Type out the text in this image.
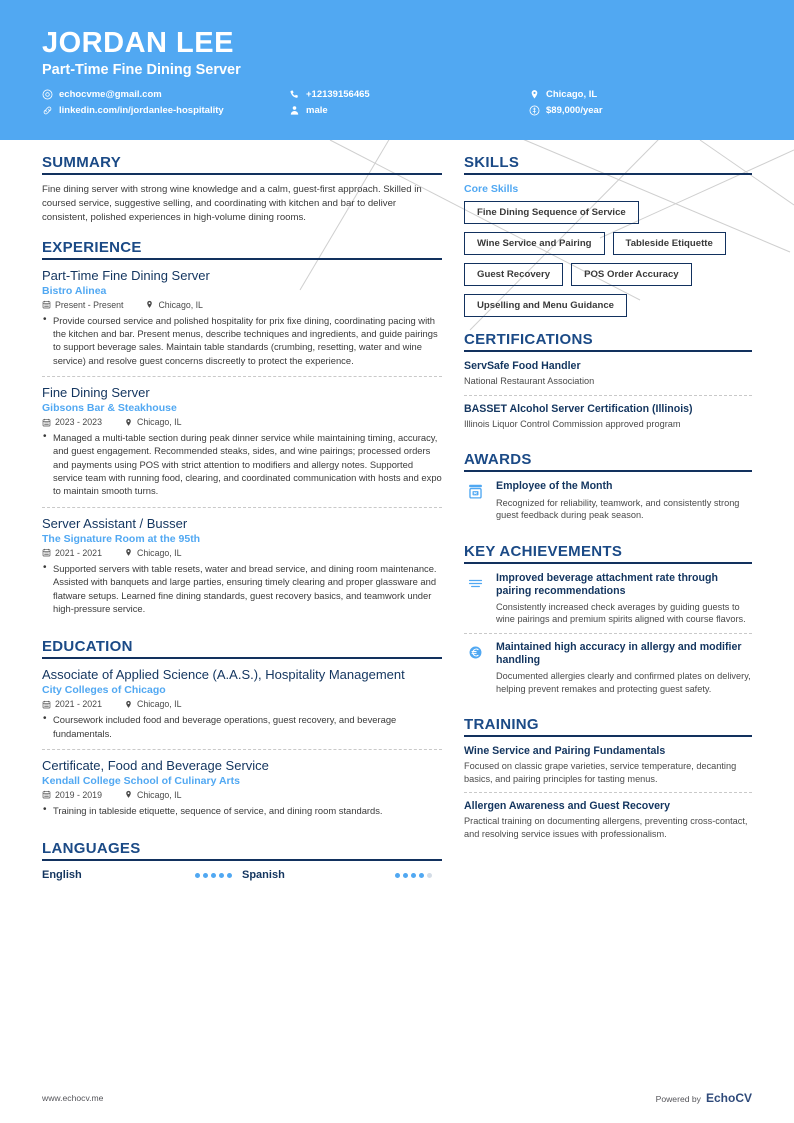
JORDAN LEE
Part-Time Fine Dining Server
echocvme@gmail.com	+12139156465	Chicago, IL
linkedin.com/in/jordanlee-hospitality	male	$89,000/year
SUMMARY
Fine dining server with strong wine knowledge and a calm, guest-first approach. Skilled in coursed service, suggestive selling, and coordinating with kitchen and bar to deliver consistent, polished experiences in high-volume dining rooms.
EXPERIENCE
Part-Time Fine Dining Server
Bistro Alinea
Present - Present	Chicago, IL
• Provide coursed service and polished hospitality for prix fixe dining, coordinating pacing with the kitchen and bar. Present menus, describe techniques and ingredients, and guide pairings to support beverage sales. Maintain table standards (crumbing, resetting, water and wine service) and resolve guest concerns discreetly to protect the experience.
Fine Dining Server
Gibsons Bar & Steakhouse
2023 - 2023	Chicago, IL
• Managed a multi-table section during peak dinner service while maintaining timing, accuracy, and guest engagement. Recommended steaks, sides, and wine pairings; processed orders and payments using POS with strict attention to modifiers and allergy notes. Supported service team with running food, clearing, and coordinated communication with hosts and expo to maintain smooth turns.
Server Assistant / Busser
The Signature Room at the 95th
2021 - 2021	Chicago, IL
• Supported servers with table resets, water and bread service, and dining room maintenance. Assisted with banquets and large parties, ensuring timely clearing and proper glassware and flatware setups. Learned fine dining standards, guest recovery basics, and teamwork under high-pressure service.
EDUCATION
Associate of Applied Science (A.A.S.), Hospitality Management
City Colleges of Chicago
2021 - 2021	Chicago, IL
• Coursework included food and beverage operations, guest recovery, and beverage fundamentals.
Certificate, Food and Beverage Service
Kendall College School of Culinary Arts
2019 - 2019	Chicago, IL
• Training in tableside etiquette, sequence of service, and dining room standards.
LANGUAGES
English	Spanish
SKILLS
Core Skills
Fine Dining Sequence of Service
Wine Service and Pairing	Tableside Etiquette
Guest Recovery	POS Order Accuracy
Upselling and Menu Guidance
CERTIFICATIONS
ServSafe Food Handler
National Restaurant Association
BASSET Alcohol Server Certification (Illinois)
Illinois Liquor Control Commission approved program
AWARDS
Employee of the Month
Recognized for reliability, teamwork, and consistently strong guest feedback during peak season.
KEY ACHIEVEMENTS
Improved beverage attachment rate through pairing recommendations
Consistently increased check averages by guiding guests to wine pairings and premium spirits aligned with course flavors.
Maintained high accuracy in allergy and modifier handling
Documented allergies clearly and confirmed plates on delivery, helping prevent remakes and protecting guest safety.
TRAINING
Wine Service and Pairing Fundamentals
Focused on classic grape varieties, service temperature, decanting basics, and pairing principles for tasting menus.
Allergen Awareness and Guest Recovery
Practical training on documenting allergens, preventing cross-contact, and resolving service issues with professionalism.
www.echocv.me	Powered by EchoCV
